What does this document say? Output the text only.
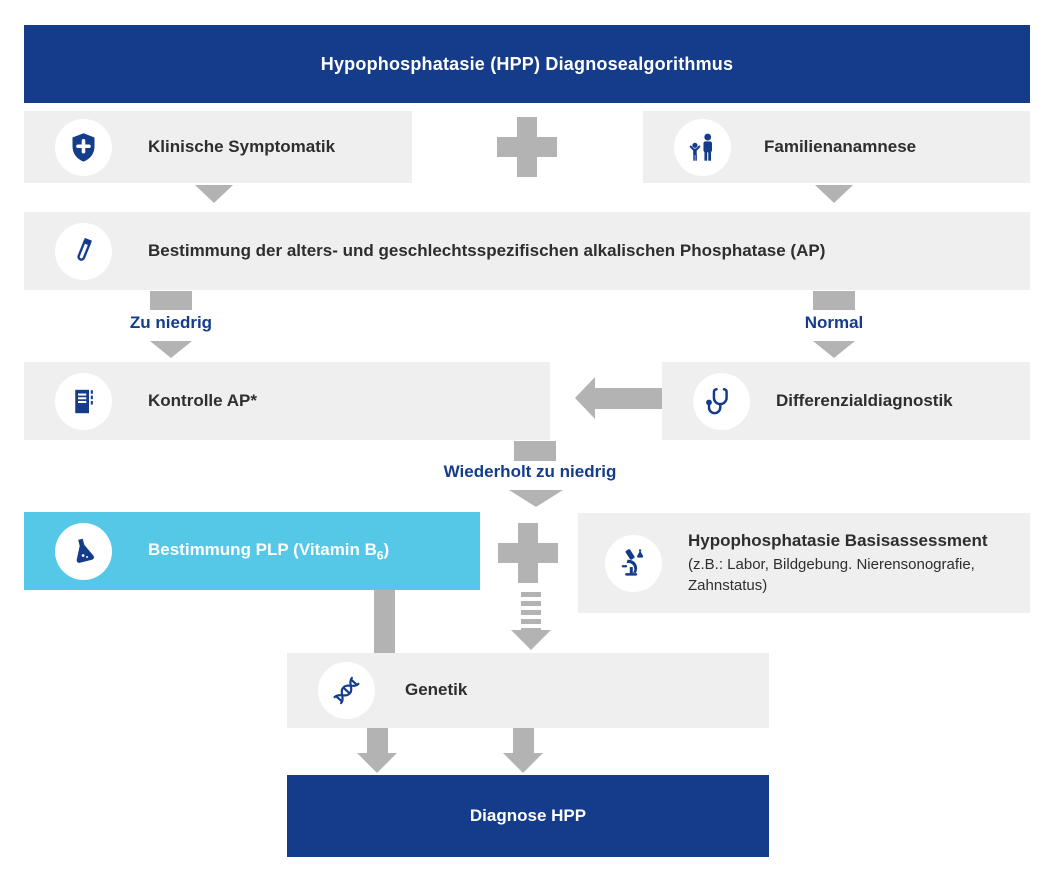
Hypophosphatasie (HPP) Diagnosealgorithmus
Klinische Symptomatik	Familienanamnese
Bestimmung der alters- und geschlechtsspezifischen alkalischen Phosphatase (AP)
Zu niedrig	Normal
Kontrolle AP*	Differenzialdiagnostik
Wiederholt zu niedrig
Bestimmung PLP (Vitamin $B_6$)	Hypophosphatasie Basisassessment
(z.B.: Labor, Bildgebung. Nierensonografie, Zahnstatus)
Genetik
Diagnose HPP
